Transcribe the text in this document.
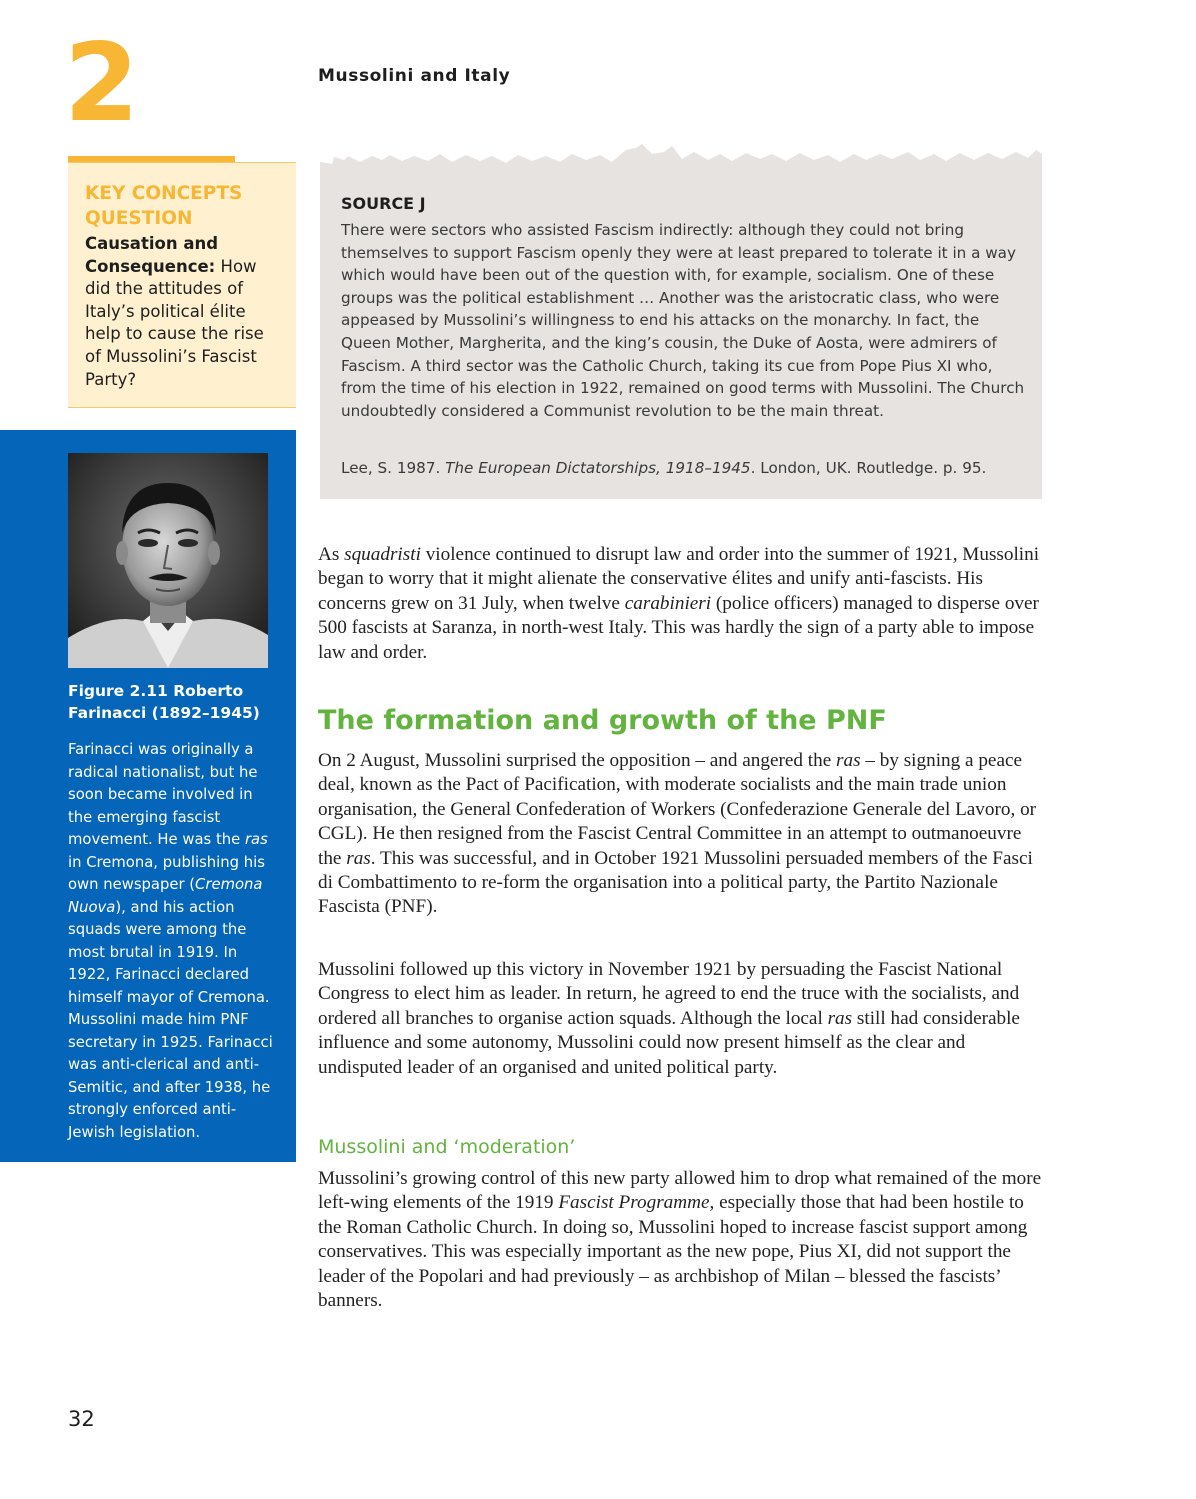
2	Mussolini and Italy
KEY CONCEPTS QUESTION
Causation and Consequence: How did the attitudes of Italy’s political élite help to cause the rise of Mussolini’s Fascist Party?
Figure 2.11 Roberto Farinacci (1892–1945)
Farinacci was originally a radical nationalist, but he soon became involved in the emerging fascist movement. He was the ras in Cremona, publishing his own newspaper (Cremona Nuova), and his action squads were among the most brutal in 1919. In 1922, Farinacci declared himself mayor of Cremona. Mussolini made him PNF secretary in 1925. Farinacci was anti-clerical and anti-Semitic, and after 1938, he strongly enforced anti-Jewish legislation.
SOURCE J
There were sectors who assisted Fascism indirectly: although they could not bring themselves to support Fascism openly they were at least prepared to tolerate it in a way which would have been out of the question with, for example, socialism. One of these groups was the political establishment … Another was the aristocratic class, who were appeased by Mussolini’s willingness to end his attacks on the monarchy. In fact, the Queen Mother, Margherita, and the king’s cousin, the Duke of Aosta, were admirers of Fascism. A third sector was the Catholic Church, taking its cue from Pope Pius XI who, from the time of his election in 1922, remained on good terms with Mussolini. The Church undoubtedly considered a Communist revolution to be the main threat.
Lee, S. 1987. The European Dictatorships, 1918–1945. London, UK. Routledge. p. 95.
As squadristi violence continued to disrupt law and order into the summer of 1921, Mussolini began to worry that it might alienate the conservative élites and unify anti-fascists. His concerns grew on 31 July, when twelve carabinieri (police officers) managed to disperse over 500 fascists at Saranza, in north-west Italy. This was hardly the sign of a party able to impose law and order.
The formation and growth of the PNF
On 2 August, Mussolini surprised the opposition – and angered the ras – by signing a peace deal, known as the Pact of Pacification, with moderate socialists and the main trade union organisation, the General Confederation of Workers (Confederazione Generale del Lavoro, or CGL). He then resigned from the Fascist Central Committee in an attempt to outmanoeuvre the ras. This was successful, and in October 1921 Mussolini persuaded members of the Fasci di Combattimento to re-form the organisation into a political party, the Partito Nazionale Fascista (PNF).
Mussolini followed up this victory in November 1921 by persuading the Fascist National Congress to elect him as leader. In return, he agreed to end the truce with the socialists, and ordered all branches to organise action squads. Although the local ras still had considerable influence and some autonomy, Mussolini could now present himself as the clear and undisputed leader of an organised and united political party.
Mussolini and ‘moderation’
Mussolini’s growing control of this new party allowed him to drop what remained of the more left-wing elements of the 1919 Fascist Programme, especially those that had been hostile to the Roman Catholic Church. In doing so, Mussolini hoped to increase fascist support among conservatives. This was especially important as the new pope, Pius XI, did not support the leader of the Popolari and had previously – as archbishop of Milan – blessed the fascists’ banners.
32
